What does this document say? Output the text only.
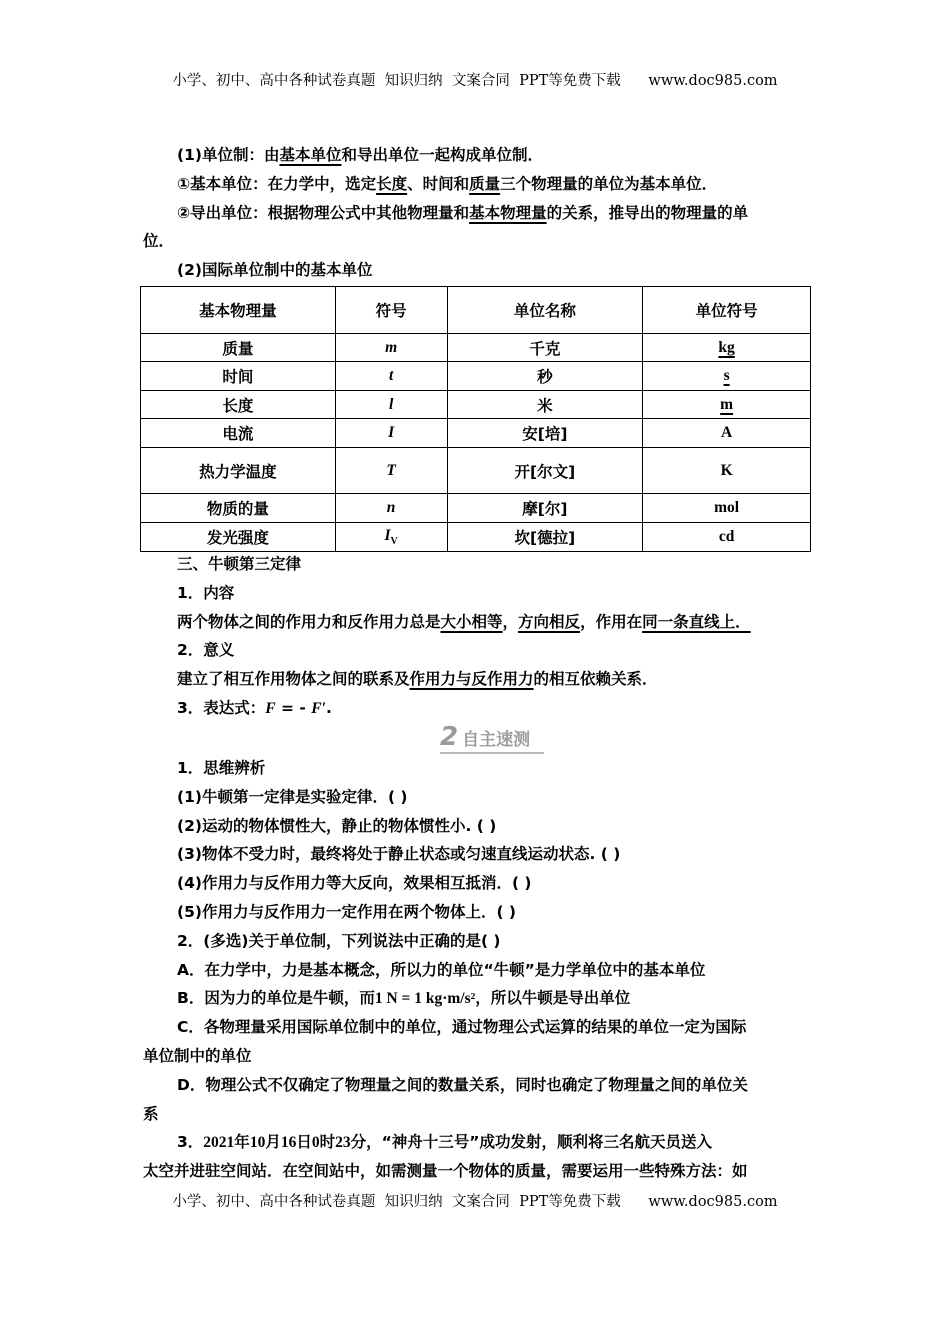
小学、初中、高中各种试卷真题  知识归纳  文案合同  PPT等免费下载      www.doc985.com
(1)单位制：由基本单位和导出单位一起构成单位制．
①基本单位：在力学中，选定长度、时间和质量三个物理量的单位为基本单位．
②导出单位：根据物理公式中其他物理量和基本物理量的关系，推导出的物理量的单
位．
(2)国际单位制中的基本单位
基本物理量	符号	单位名称	单位符号
质量	m	千克	kg
时间	t	秒	s
长度	l	米	m
电流	I	安[培]	A
热力学温度	T	开[尔文]	K
物质的量	n	摩[尔]	mol
发光强度	$I_V$	坎[德拉]	cd
三、牛顿第三定律
1．内容
两个物体之间的作用力和反作用力总是大小相等，方向相反，作用在同一条直线上．
2．意义
建立了相互作用物体之间的联系及作用力与反作用力的相互依赖关系．
3．表达式：F = - F′.
2 自主速测
1．思维辨析
(1)牛顿第一定律是实验定律．( )
(2)运动的物体惯性大，静止的物体惯性小. ( )
(3)物体不受力时，最终将处于静止状态或匀速直线运动状态. ( )
(4)作用力与反作用力等大反向，效果相互抵消．( )
(5)作用力与反作用力一定作用在两个物体上．( )
2．(多选)关于单位制，下列说法中正确的是( )
A．在力学中，力是基本概念，所以力的单位“牛顿”是力学单位中的基本单位
B．因为力的单位是牛顿，而1 N = 1 kg·m/s²，所以牛顿是导出单位
C．各物理量采用国际单位制中的单位，通过物理公式运算的结果的单位一定为国际
单位制中的单位
D．物理公式不仅确定了物理量之间的数量关系，同时也确定了物理量之间的单位关
系
3．2021年10月16日0时23分，“神舟十三号”成功发射，顺利将三名航天员送入
太空并进驻空间站．在空间站中，如需测量一个物体的质量，需要运用一些特殊方法：如
小学、初中、高中各种试卷真题  知识归纳  文案合同  PPT等免费下载      www.doc985.com
